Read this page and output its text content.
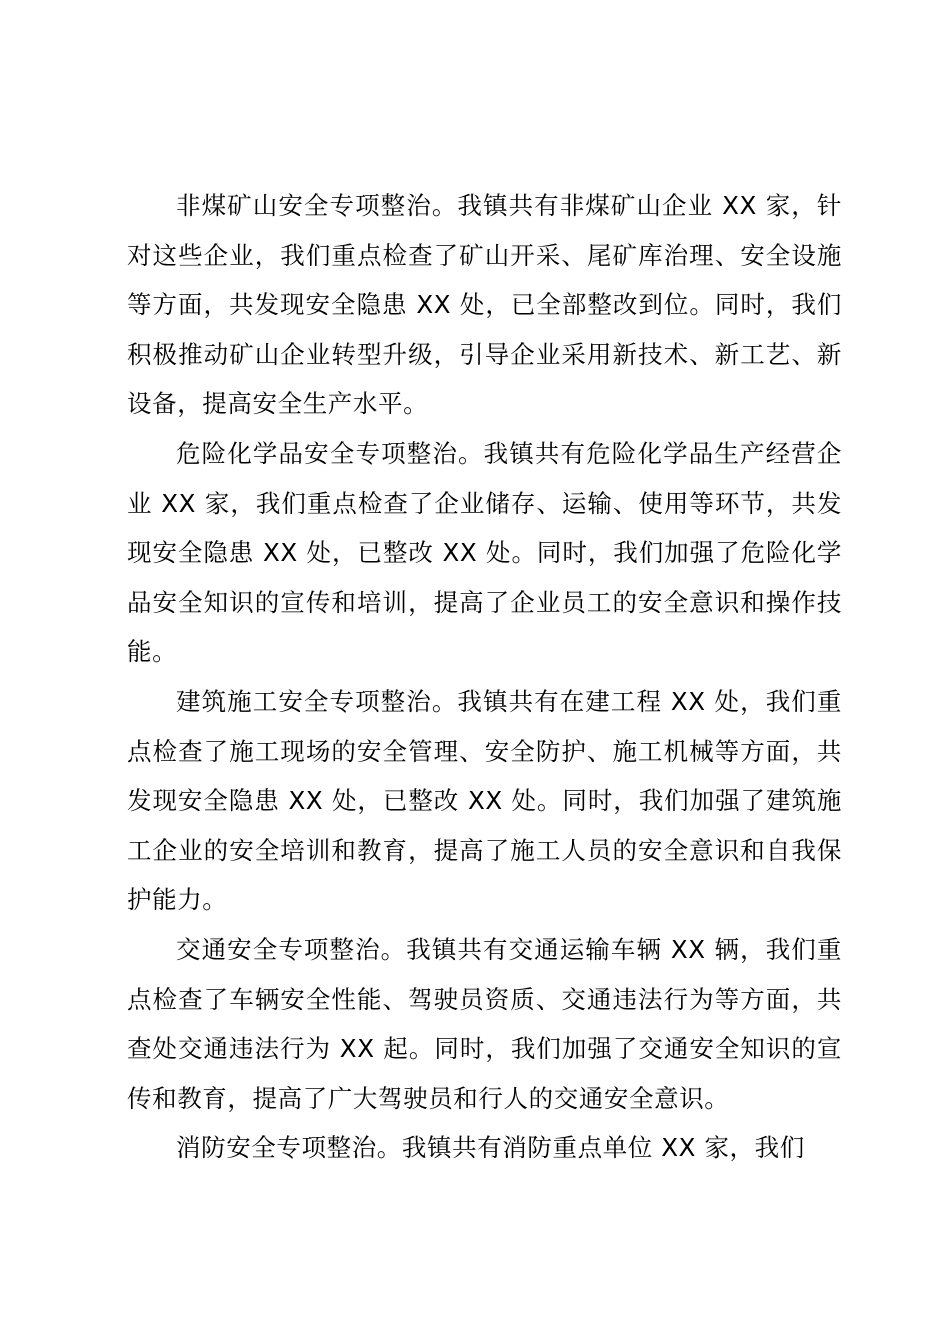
非煤矿山安全专项整治。我镇共有非煤矿山企业 XX 家，针对这些企业，我们重点检查了矿山开采、尾矿库治理、安全设施等方面，共发现安全隐患 XX 处，已全部整改到位。同时，我们积极推动矿山企业转型升级，引导企业采用新技术、新工艺、新设备，提高安全生产水平。

危险化学品安全专项整治。我镇共有危险化学品生产经营企业 XX 家，我们重点检查了企业储存、运输、使用等环节，共发现安全隐患 XX 处，已整改 XX 处。同时，我们加强了危险化学品安全知识的宣传和培训，提高了企业员工的安全意识和操作技能。

建筑施工安全专项整治。我镇共有在建工程 XX 处，我们重点检查了施工现场的安全管理、安全防护、施工机械等方面，共发现安全隐患 XX 处，已整改 XX 处。同时，我们加强了建筑施工企业的安全培训和教育，提高了施工人员的安全意识和自我保护能力。

交通安全专项整治。我镇共有交通运输车辆 XX 辆，我们重点检查了车辆安全性能、驾驶员资质、交通违法行为等方面，共查处交通违法行为 XX 起。同时，我们加强了交通安全知识的宣传和教育，提高了广大驾驶员和行人的交通安全意识。

消防安全专项整治。我镇共有消防重点单位 XX 家，我们
